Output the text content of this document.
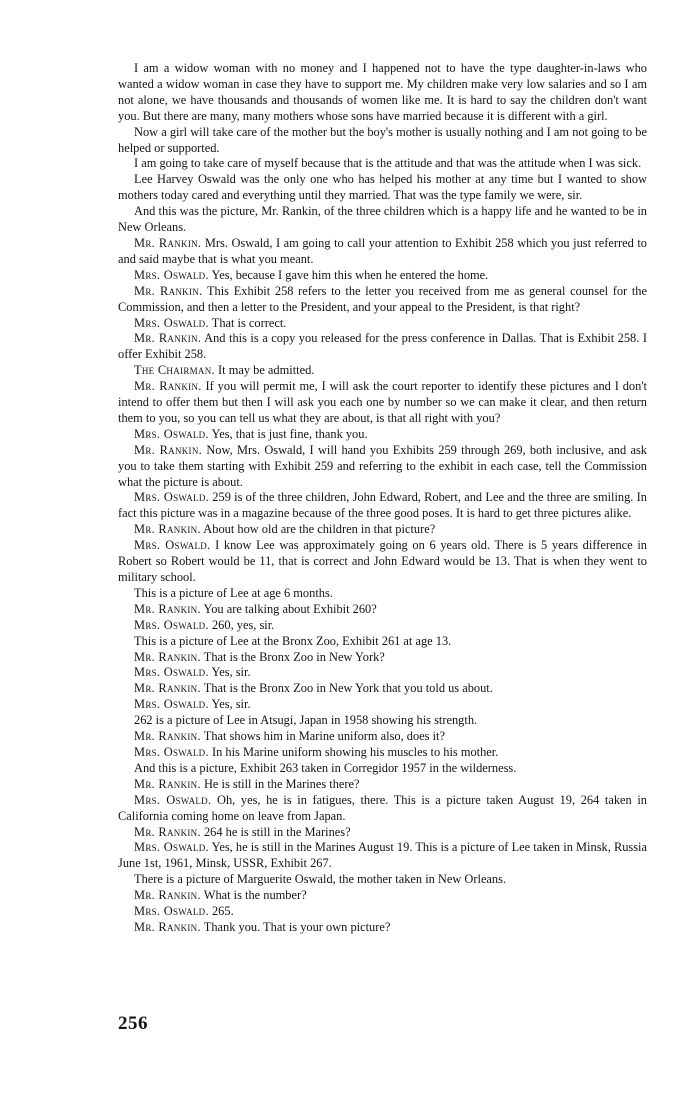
I am a widow woman with no money and I happened not to have the type daughter-in-laws who wanted a widow woman in case they have to support me. My children make very low salaries and so I am not alone, we have thousands and thousands of women like me. It is hard to say the children don't want you. But there are many, many mothers whose sons have married because it is different with a girl.

Now a girl will take care of the mother but the boy's mother is usually nothing and I am not going to be helped or supported.

I am going to take care of myself because that is the attitude and that was the attitude when I was sick.

Lee Harvey Oswald was the only one who has helped his mother at any time but I wanted to show mothers today cared and everything until they married. That was the type family we were, sir.

And this was the picture, Mr. Rankin, of the three children which is a happy life and he wanted to be in New Orleans.

Mr. Rankin. Mrs. Oswald, I am going to call your attention to Exhibit 258 which you just referred to and said maybe that is what you meant.

Mrs. Oswald. Yes, because I gave him this when he entered the home.

Mr. Rankin. This Exhibit 258 refers to the letter you received from me as general counsel for the Commission, and then a letter to the President, and your appeal to the President, is that right?

Mrs. Oswald. That is correct.

Mr. Rankin. And this is a copy you released for the press conference in Dallas. That is Exhibit 258. I offer Exhibit 258.

The Chairman. It may be admitted.

Mr. Rankin. If you will permit me, I will ask the court reporter to identify these pictures and I don't intend to offer them but then I will ask you each one by number so we can make it clear, and then return them to you, so you can tell us what they are about, is that all right with you?

Mrs. Oswald. Yes, that is just fine, thank you.

Mr. Rankin. Now, Mrs. Oswald, I will hand you Exhibits 259 through 269, both inclusive, and ask you to take them starting with Exhibit 259 and referring to the exhibit in each case, tell the Commission what the picture is about.

Mrs. Oswald. 259 is of the three children, John Edward, Robert, and Lee and the three are smiling. In fact this picture was in a magazine because of the three good poses. It is hard to get three pictures alike.

Mr. Rankin. About how old are the children in that picture?

Mrs. Oswald. I know Lee was approximately going on 6 years old. There is 5 years difference in Robert so Robert would be 11, that is correct and John Edward would be 13. That is when they went to military school.

This is a picture of Lee at age 6 months.

Mr. Rankin. You are talking about Exhibit 260?

Mrs. Oswald. 260, yes, sir.

This is a picture of Lee at the Bronx Zoo, Exhibit 261 at age 13.

Mr. Rankin. That is the Bronx Zoo in New York?

Mrs. Oswald. Yes, sir.

Mr. Rankin. That is the Bronx Zoo in New York that you told us about.

Mrs. Oswald. Yes, sir.

262 is a picture of Lee in Atsugi, Japan in 1958 showing his strength.

Mr. Rankin. That shows him in Marine uniform also, does it?

Mrs. Oswald. In his Marine uniform showing his muscles to his mother.

And this is a picture, Exhibit 263 taken in Corregidor 1957 in the wilderness.

Mr. Rankin. He is still in the Marines there?

Mrs. Oswald. Oh, yes, he is in fatigues, there. This is a picture taken August 19, 264 taken in California coming home on leave from Japan.

Mr. Rankin. 264 he is still in the Marines?

Mrs. Oswald. Yes, he is still in the Marines August 19. This is a picture of Lee taken in Minsk, Russia June 1st, 1961, Minsk, USSR, Exhibit 267.

There is a picture of Marguerite Oswald, the mother taken in New Orleans.

Mr. Rankin. What is the number?

Mrs. Oswald. 265.

Mr. Rankin. Thank you. That is your own picture?

256
